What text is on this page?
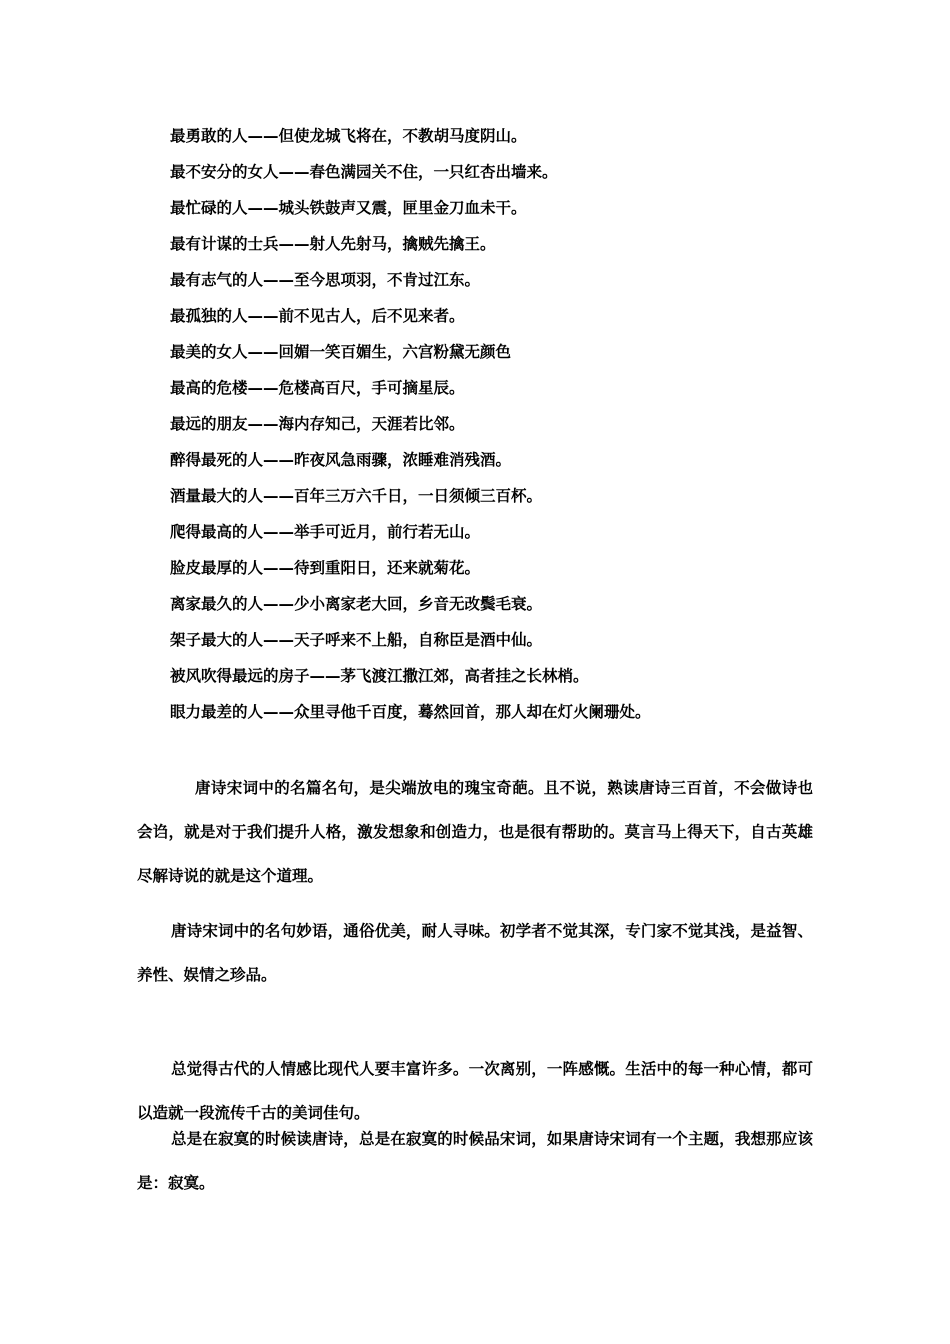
最勇敢的人——但使龙城飞将在，不教胡马度阴山。
最不安分的女人——春色满园关不住，一只红杏出墙来。
最忙碌的人——城头铁鼓声又震，匣里金刀血未干。
最有计谋的士兵——射人先射马，擒贼先擒王。
最有志气的人——至今思项羽，不肯过江东。
最孤独的人——前不见古人，后不见来者。
最美的女人——回媚一笑百媚生，六宫粉黛无颜色
最高的危楼——危楼高百尺，手可摘星辰。
最远的朋友——海内存知己，天涯若比邻。
醉得最死的人——昨夜风急雨骤，浓睡难消残酒。
酒量最大的人——百年三万六千日，一日须倾三百杯。
爬得最高的人——举手可近月，前行若无山。
脸皮最厚的人——待到重阳日，还来就菊花。
离家最久的人——少小离家老大回，乡音无改鬓毛衰。
架子最大的人——天子呼来不上船，自称臣是酒中仙。
被风吹得最远的房子——茅飞渡江撒江郊，高者挂之长林梢。
眼力最差的人——众里寻他千百度，蓦然回首，那人却在灯火阑珊处。

唐诗宋词中的名篇名句，是尖端放电的瑰宝奇葩。且不说，熟读唐诗三百首，不会做诗也会诌，就是对于我们提升人格，激发想象和创造力，也是很有帮助的。莫言马上得天下，自古英雄尽解诗说的就是这个道理。

唐诗宋词中的名句妙语，通俗优美，耐人寻味。初学者不觉其深，专门家不觉其浅，是益智、养性、娱情之珍品。

总觉得古代的人情感比现代人要丰富许多。一次离别，一阵感慨。生活中的每一种心情，都可以造就一段流传千古的美词佳句。

总是在寂寞的时候读唐诗，总是在寂寞的时候品宋词，如果唐诗宋词有一个主题，我想那应该是：寂寞。
